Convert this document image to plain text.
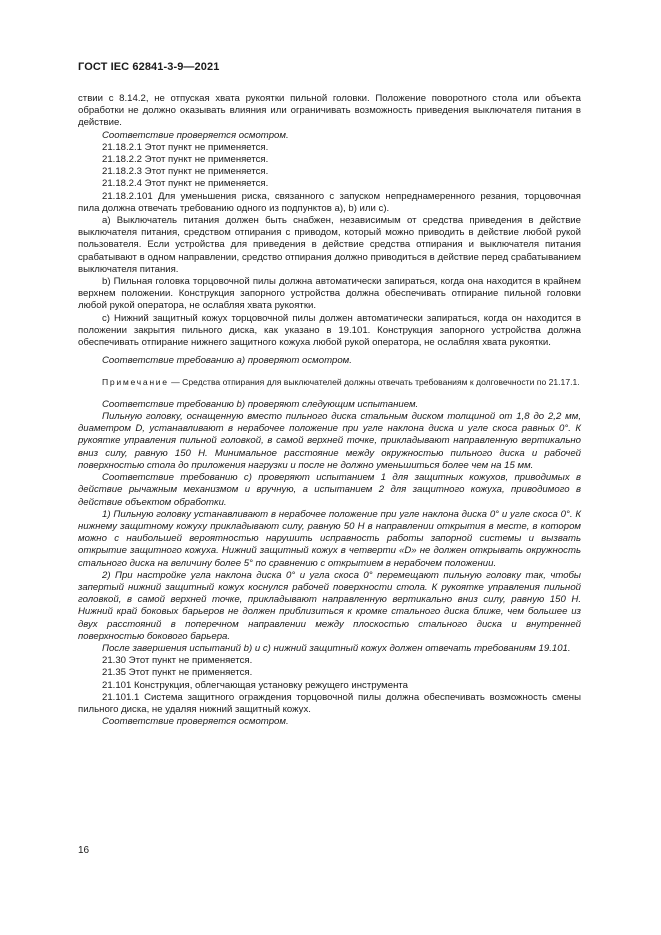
ГОСТ IEC 62841-3-9—2021

ствии с 8.14.2, не отпуская хвата рукоятки пильной головки. Положение поворотного стола или объекта обработки не должно оказывать влияния или ограничивать возможность приведения выключателя питания в действие.

Соответствие проверяется осмотром.

21.18.2.1 Этот пункт не применяется.

21.18.2.2 Этот пункт не применяется.

21.18.2.3 Этот пункт не применяется.

21.18.2.4 Этот пункт не применяется.

21.18.2.101 Для уменьшения риска, связанного с запуском непреднамеренного резания, торцовочная пила должна отвечать требованию одного из подпунктов а), b) или с).

а) Выключатель питания должен быть снабжен, независимым от средства приведения в действие выключателя питания, средством отпирания с приводом, который можно приводить в действие любой рукой пользователя. Если устройства для приведения в действие средства отпирания и выключателя питания срабатывают в одном направлении, средство отпирания должно приводиться в действие перед срабатыванием выключателя питания.

b) Пильная головка торцовочной пилы должна автоматически запираться, когда она находится в крайнем верхнем положении. Конструкция запорного устройства должна обеспечивать отпирание пильной головки любой рукой оператора, не ослабляя хвата рукоятки.

с) Нижний защитный кожух торцовочной пилы должен автоматически запираться, когда он находится в положении закрытия пильного диска, как указано в 19.101. Конструкция запорного устройства должна обеспечивать отпирание нижнего защитного кожуха любой рукой оператора, не ослабляя хвата рукоятки.

Соответствие требованию а) проверяют осмотром.

Примечание — Средства отпирания для выключателей должны отвечать требованиям к долговечности по 21.17.1.

Соответствие требованию b) проверяют следующим испытанием.

Пильную головку, оснащенную вместо пильного диска стальным диском толщиной от 1,8 до 2,2 мм, диаметром D, устанавливают в нерабочее положение при угле наклона диска и угле скоса равных 0°. К рукоятке управления пильной головкой, в самой верхней точке, прикладывают направленную вертикально вниз силу, равную 150 Н. Минимальное расстояние между окружностью пильного диска и рабочей поверхностью стола до приложения нагрузки и после не должно уменьшиться более чем на 15 мм.

Соответствие требованию с) проверяют испытанием 1 для защитных кожухов, приводимых в действие рычажным механизмом и вручную, а испытанием 2 для защитного кожуха, приводимого в действие объектом обработки.

1) Пильную головку устанавливают в нерабочее положение при угле наклона диска 0° и угле скоса 0°. К нижнему защитному кожуху прикладывают силу, равную 50 Н в направлении открытия в месте, в котором можно с наибольшей вероятностью нарушить исправность работы запорной системы и вызвать открытие защитного кожуха. Нижний защитный кожух в четверти «D» не должен открывать окружность стального диска на величину более 5° по сравнению с открытием в нерабочем положении.

2) При настройке угла наклона диска 0° и угла скоса 0° перемещают пильную головку так, чтобы запертый нижний защитный кожух коснулся рабочей поверхности стола. К рукоятке управления пильной головкой, в самой верхней точке, прикладывают направленную вертикально вниз силу, равную 150 Н. Нижний край боковых барьеров не должен приблизиться к кромке стального диска ближе, чем большее из двух расстояний в поперечном направлении между плоскостью стального диска и внутренней поверхностью бокового барьера.

После завершения испытаний b) и с) нижний защитный кожух должен отвечать требованиям 19.101.

21.30 Этот пункт не применяется.

21.35 Этот пункт не применяется.

21.101 Конструкция, облегчающая установку режущего инструмента

21.101.1 Система защитного ограждения торцовочной пилы должна обеспечивать возможность смены пильного диска, не удаляя нижний защитный кожух.

Соответствие проверяется осмотром.

16
